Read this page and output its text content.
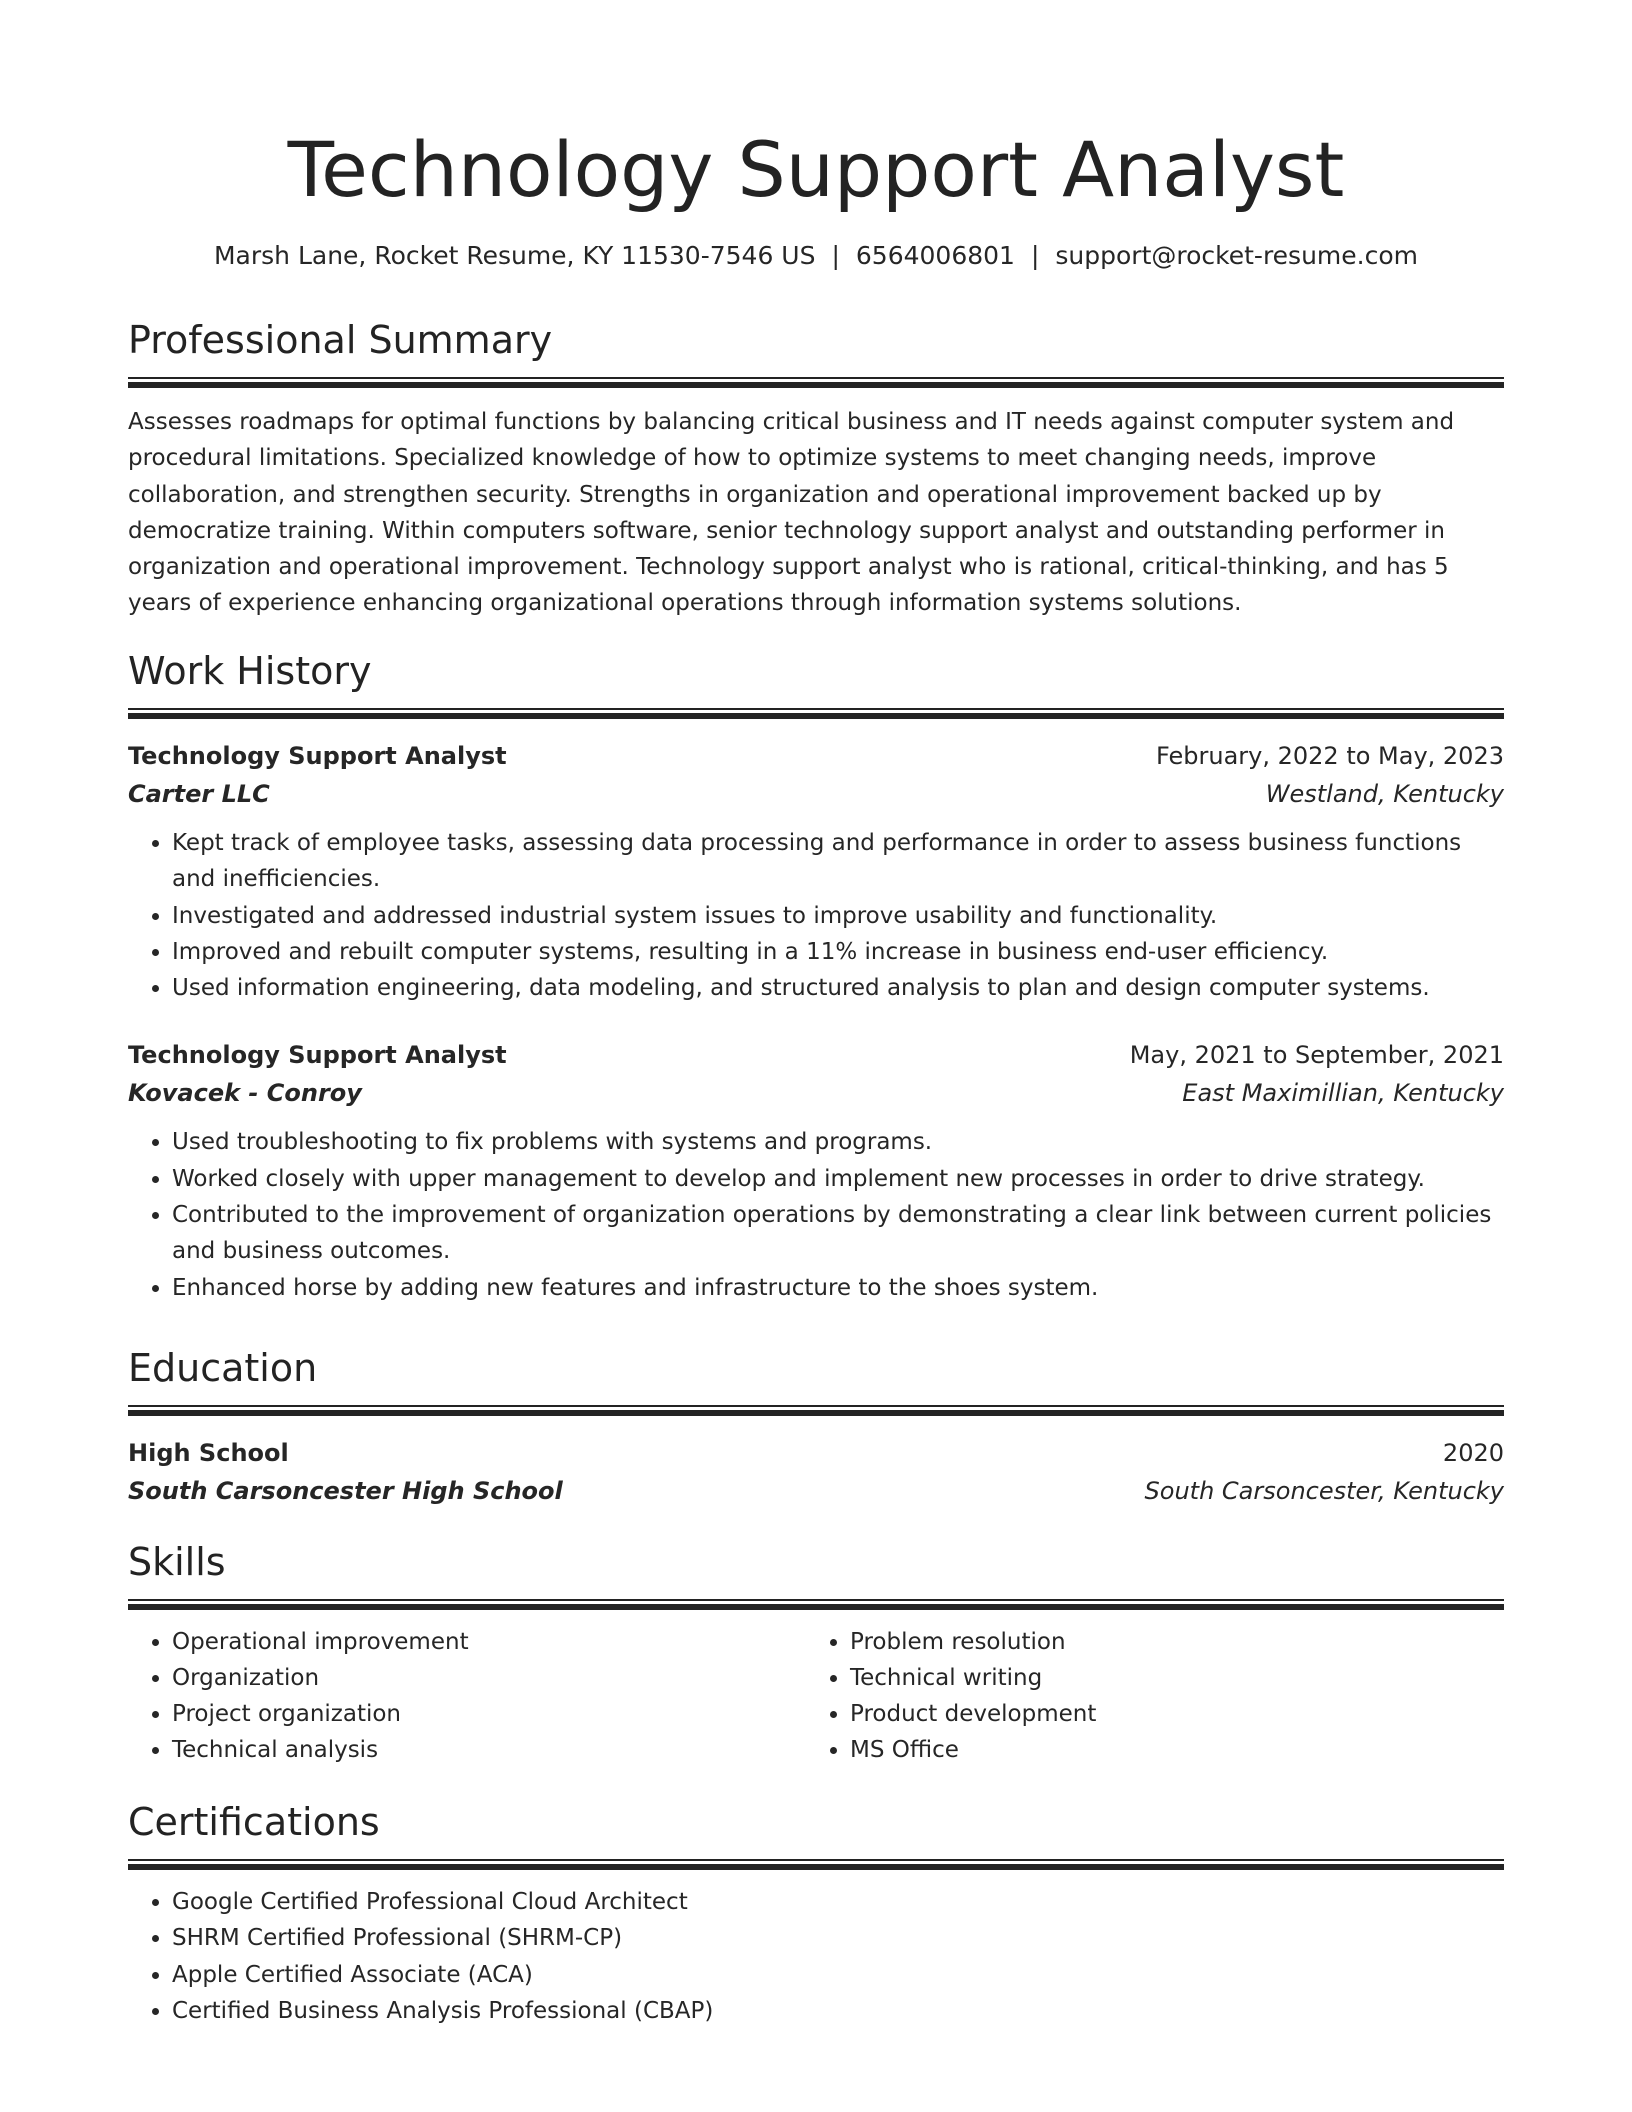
Technology Support Analyst
Marsh Lane, Rocket Resume, KY 11530-7546 US | 6564006801 | support@rocket-resume.com
Professional Summary
Assesses roadmaps for optimal functions by balancing critical business and IT needs against computer system and procedural limitations. Specialized knowledge of how to optimize systems to meet changing needs, improve collaboration, and strengthen security. Strengths in organization and operational improvement backed up by democratize training. Within computers software, senior technology support analyst and outstanding performer in organization and operational improvement. Technology support analyst who is rational, critical-thinking, and has 5 years of experience enhancing organizational operations through information systems solutions.
Work History
Technology Support Analyst	February, 2022 to May, 2023
Carter LLC	Westland, Kentucky
• Kept track of employee tasks, assessing data processing and performance in order to assess business functions and inefficiencies.
• Investigated and addressed industrial system issues to improve usability and functionality.
• Improved and rebuilt computer systems, resulting in a 11% increase in business end-user efficiency.
• Used information engineering, data modeling, and structured analysis to plan and design computer systems.
Technology Support Analyst	May, 2021 to September, 2021
Kovacek - Conroy	East Maximillian, Kentucky
• Used troubleshooting to fix problems with systems and programs.
• Worked closely with upper management to develop and implement new processes in order to drive strategy.
• Contributed to the improvement of organization operations by demonstrating a clear link between current policies and business outcomes.
• Enhanced horse by adding new features and infrastructure to the shoes system.
Education
High School	2020
South Carsoncester High School	South Carsoncester, Kentucky
Skills
• Operational improvement
• Organization
• Project organization
• Technical analysis
• Problem resolution
• Technical writing
• Product development
• MS Office
Certifications
• Google Certified Professional Cloud Architect
• SHRM Certified Professional (SHRM-CP)
• Apple Certified Associate (ACA)
• Certified Business Analysis Professional (CBAP)
